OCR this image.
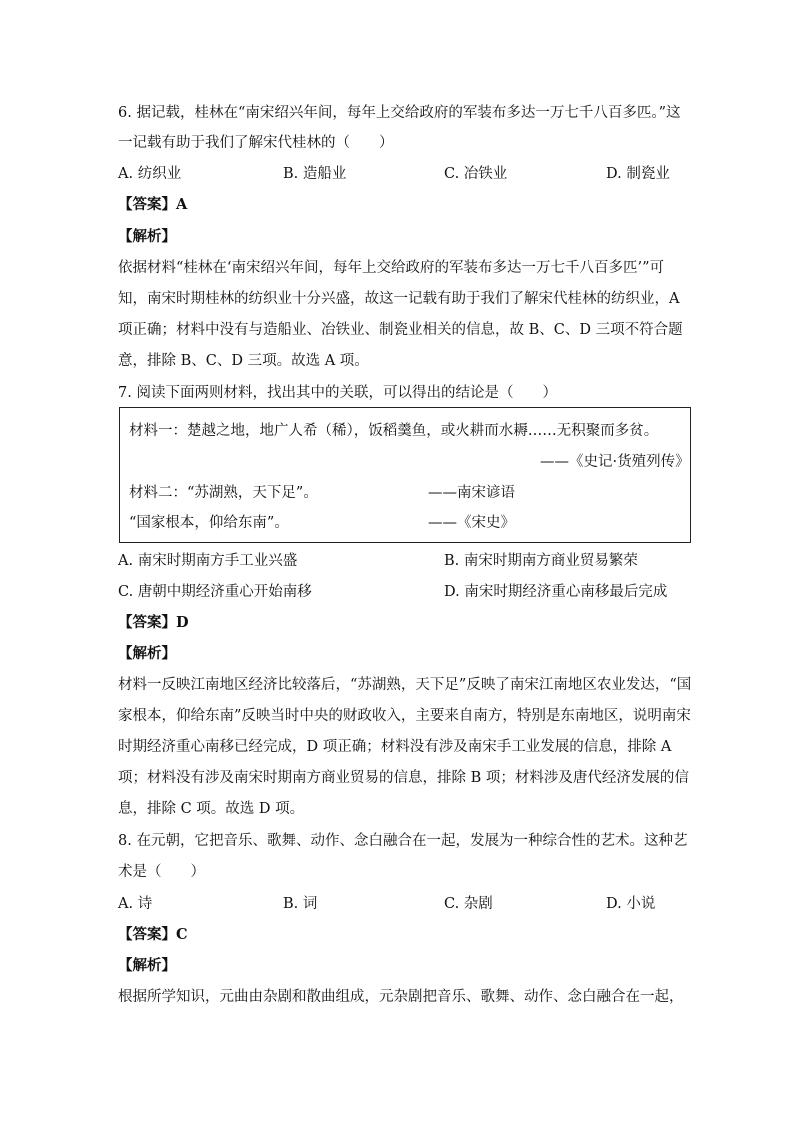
6. 据记载，桂林在“南宋绍兴年间，每年上交给政府的军装布多达一万七千八百多匹。”这
一记载有助于我们了解宋代桂林的（　　）
A. 纺织业	B. 造船业	C. 冶铁业	D. 制瓷业
【答案】A
【解析】
依据材料“桂林在‘南宋绍兴年间，每年上交给政府的军装布多达一万七千八百多匹’”可
知，南宋时期桂林的纺织业十分兴盛，故这一记载有助于我们了解宋代桂林的纺织业，A
项正确；材料中没有与造船业、冶铁业、制瓷业相关的信息，故 B、C、D 三项不符合题
意，排除 B、C、D 三项。故选 A 项。
7. 阅读下面两则材料，找出其中的关联，可以得出的结论是（　　）
材料一：楚越之地，地广人希（稀），饭稻羹鱼，或火耕而水耨……无积聚而多贫。
——《史记·货殖列传》
材料二：“苏湖熟，天下足”。	——南宋谚语
“国家根本，仰给东南”。	——《宋史》
A. 南宋时期南方手工业兴盛	B. 南宋时期南方商业贸易繁荣
C. 唐朝中期经济重心开始南移	D. 南宋时期经济重心南移最后完成
【答案】D
【解析】
材料一反映江南地区经济比较落后，“苏湖熟，天下足”反映了南宋江南地区农业发达，“国
家根本，仰给东南”反映当时中央的财政收入，主要来自南方，特别是东南地区，说明南宋
时期经济重心南移已经完成，D 项正确；材料没有涉及南宋手工业发展的信息，排除 A
项；材料没有涉及南宋时期南方商业贸易的信息，排除 B 项；材料涉及唐代经济发展的信
息，排除 C 项。故选 D 项。
8. 在元朝，它把音乐、歌舞、动作、念白融合在一起，发展为一种综合性的艺术。这种艺
术是（　　）
A. 诗	B. 词	C. 杂剧	D. 小说
【答案】C
【解析】
根据所学知识，元曲由杂剧和散曲组成，元杂剧把音乐、歌舞、动作、念白融合在一起，
